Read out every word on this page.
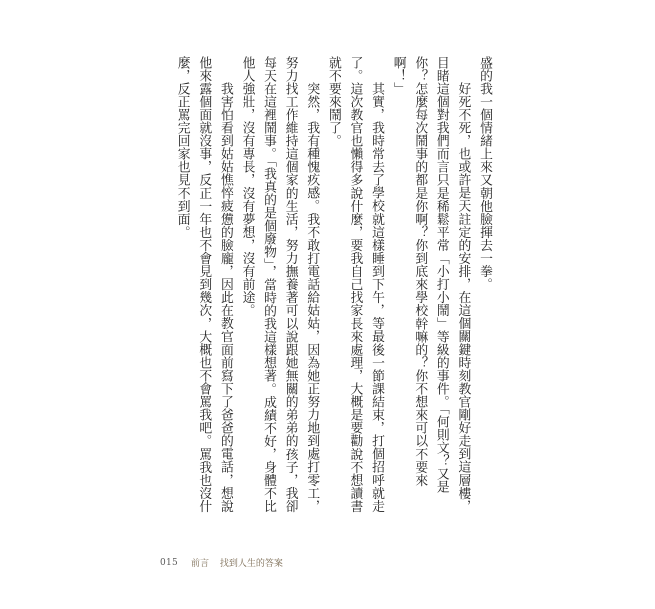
盛的我一個情緒上來又朝他臉揮去一拳。

好死不死，也或許是天註定的安排，在這個關鍵時刻教官剛好走到這層樓，目睹這個對我們而言只是稀鬆平常「小打小鬧」等級的事件。「何則文？又是你？怎麼每次鬧事的都是你啊？你到底來學校幹嘛的？你不想來可以不要來啊！」

其實，我時常去了學校就這樣睡到下午，等最後一節課結束，打個招呼就走了。這次教官也懶得多說什麼，要我自己找家長來處理，大概是要勸說不想讀書就不要來鬧了。

突然，我有種愧疚感。我不敢打電話給姑姑，因為她正努力地到處打零工，努力找工作維持這個家的生活，努力撫養著可以說跟她無關的弟弟的孩子，我卻每天在這裡鬧事。「我真的是個廢物」，當時的我這樣想著。成績不好，身體不比他人強壯，沒有專長，沒有夢想，沒有前途。

我害怕看到姑姑憔悴疲憊的臉龐，因此在教官面前寫下了爸爸的電話，想說他來露個面就沒事，反正一年也不會見到幾次，大概也不會罵我吧。罵我也沒什麼，反正罵完回家也見不到面。

015 前言 找到人生的答案
